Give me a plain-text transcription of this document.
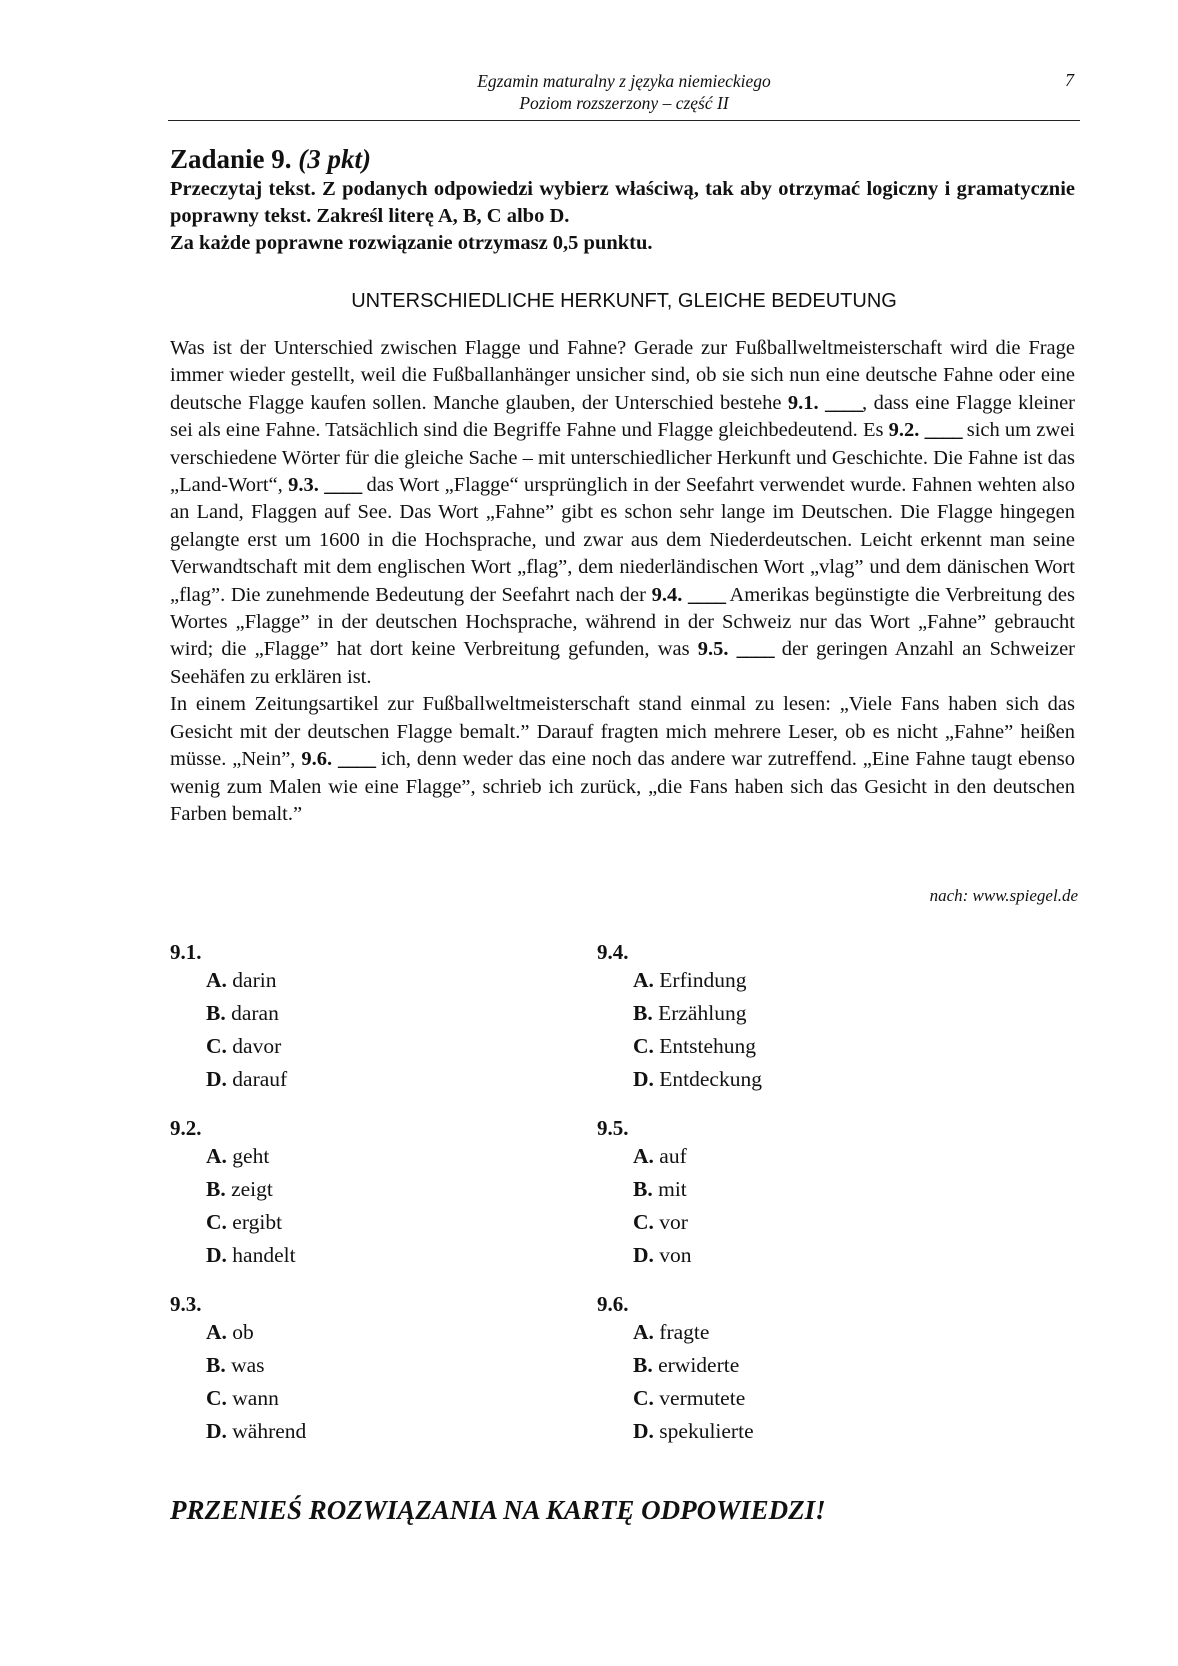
Egzamin maturalny z języka niemieckiego
Poziom rozszerzony – część II
7
Zadanie 9. (3 pkt)

Przeczytaj tekst. Z podanych odpowiedzi wybierz właściwą, tak aby otrzymać logiczny i gramatycznie poprawny tekst. Zakreśl literę A, B, C albo D.

Za każde poprawne rozwiązanie otrzymasz 0,5 punktu.

UNTERSCHIEDLICHE HERKUNFT, GLEICHE BEDEUTUNG

Was ist der Unterschied zwischen Flagge und Fahne? Gerade zur Fußballweltmeisterschaft wird die Frage immer wieder gestellt, weil die Fußballanhänger unsicher sind, ob sie sich nun eine deutsche Fahne oder eine deutsche Flagge kaufen sollen. Manche glauben, der Unterschied bestehe 9.1. ____, dass eine Flagge kleiner sei als eine Fahne. Tatsächlich sind die Begriffe Fahne und Flagge gleichbedeutend. Es 9.2. ____ sich um zwei verschiedene Wörter für die gleiche Sache – mit unterschiedlicher Herkunft und Geschichte. Die Fahne ist das „Land-Wort“, 9.3. ____ das Wort „Flagge“ ursprünglich in der Seefahrt verwendet wurde. Fahnen wehten also an Land, Flaggen auf See. Das Wort „Fahne” gibt es schon sehr lange im Deutschen. Die Flagge hingegen gelangte erst um 1600 in die Hochsprache, und zwar aus dem Niederdeutschen. Leicht erkennt man seine Verwandtschaft mit dem englischen Wort „flag”, dem niederländischen Wort „vlag” und dem dänischen Wort „flag”. Die zunehmende Bedeutung der Seefahrt nach der 9.4. ____ Amerikas begünstigte die Verbreitung des Wortes „Flagge” in der deutschen Hochsprache, während in der Schweiz nur das Wort „Fahne” gebraucht wird; die „Flagge” hat dort keine Verbreitung gefunden, was 9.5. ____ der geringen Anzahl an Schweizer Seehäfen zu erklären ist.

In einem Zeitungsartikel zur Fußballweltmeisterschaft stand einmal zu lesen: „Viele Fans haben sich das Gesicht mit der deutschen Flagge bemalt.” Darauf fragten mich mehrere Leser, ob es nicht „Fahne” heißen müsse. „Nein”, 9.6. ____ ich, denn weder das eine noch das andere war zutreffend. „Eine Fahne taugt ebenso wenig zum Malen wie eine Flagge”, schrieb ich zurück, „die Fans haben sich das Gesicht in den deutschen Farben bemalt.”

nach: www.spiegel.de
9.1.
A. darin
B. daran
C. davor
D. darauf
9.2.
A. geht
B. zeigt
C. ergibt
D. handelt
9.3.
A. ob
B. was
C. wann
D. während
9.4.
A. Erfindung
B. Erzählung
C. Entstehung
D. Entdeckung
9.5.
A. auf
B. mit
C. vor
D. von
9.6.
A. fragte
B. erwiderte
C. vermutete
D. spekulierte
PRZENIEŚ ROZWIĄZANIA NA KARTĘ ODPOWIEDZI!
